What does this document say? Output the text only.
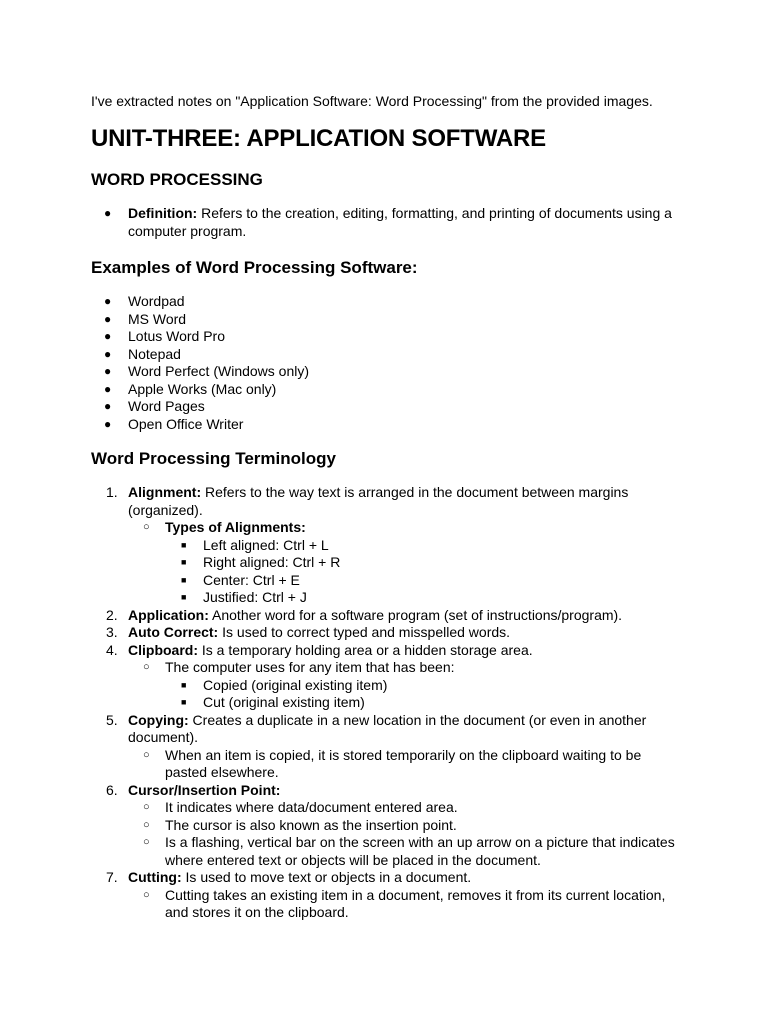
I've extracted notes on "Application Software: Word Processing" from the provided images.

UNIT-THREE: APPLICATION SOFTWARE
WORD PROCESSING
●	Definition: Refers to the creation, editing, formatting, and printing of documents using a computer program.
Examples of Word Processing Software:
●	Wordpad
●	MS Word
●	Lotus Word Pro
●	Notepad
●	Word Perfect (Windows only)
●	Apple Works (Mac only)
●	Word Pages
●	Open Office Writer
Word Processing Terminology
1. Alignment: Refers to the way text is arranged in the document between margins (organized).
○	Types of Alignments:
■	Left aligned: Ctrl + L
■	Right aligned: Ctrl + R
■	Center: Ctrl + E
■	Justified: Ctrl + J
2. Application: Another word for a software program (set of instructions/program).
3. Auto Correct: Is used to correct typed and misspelled words.
4. Clipboard: Is a temporary holding area or a hidden storage area.
○	The computer uses for any item that has been:
■	Copied (original existing item)
■	Cut (original existing item)
5. Copying: Creates a duplicate in a new location in the document (or even in another document).
○	When an item is copied, it is stored temporarily on the clipboard waiting to be pasted elsewhere.
6. Cursor/Insertion Point:
○	It indicates where data/document entered area.
○	The cursor is also known as the insertion point.
○	Is a flashing, vertical bar on the screen with an up arrow on a picture that indicates where entered text or objects will be placed in the document.
7. Cutting: Is used to move text or objects in a document.
○	Cutting takes an existing item in a document, removes it from its current location, and stores it on the clipboard.
